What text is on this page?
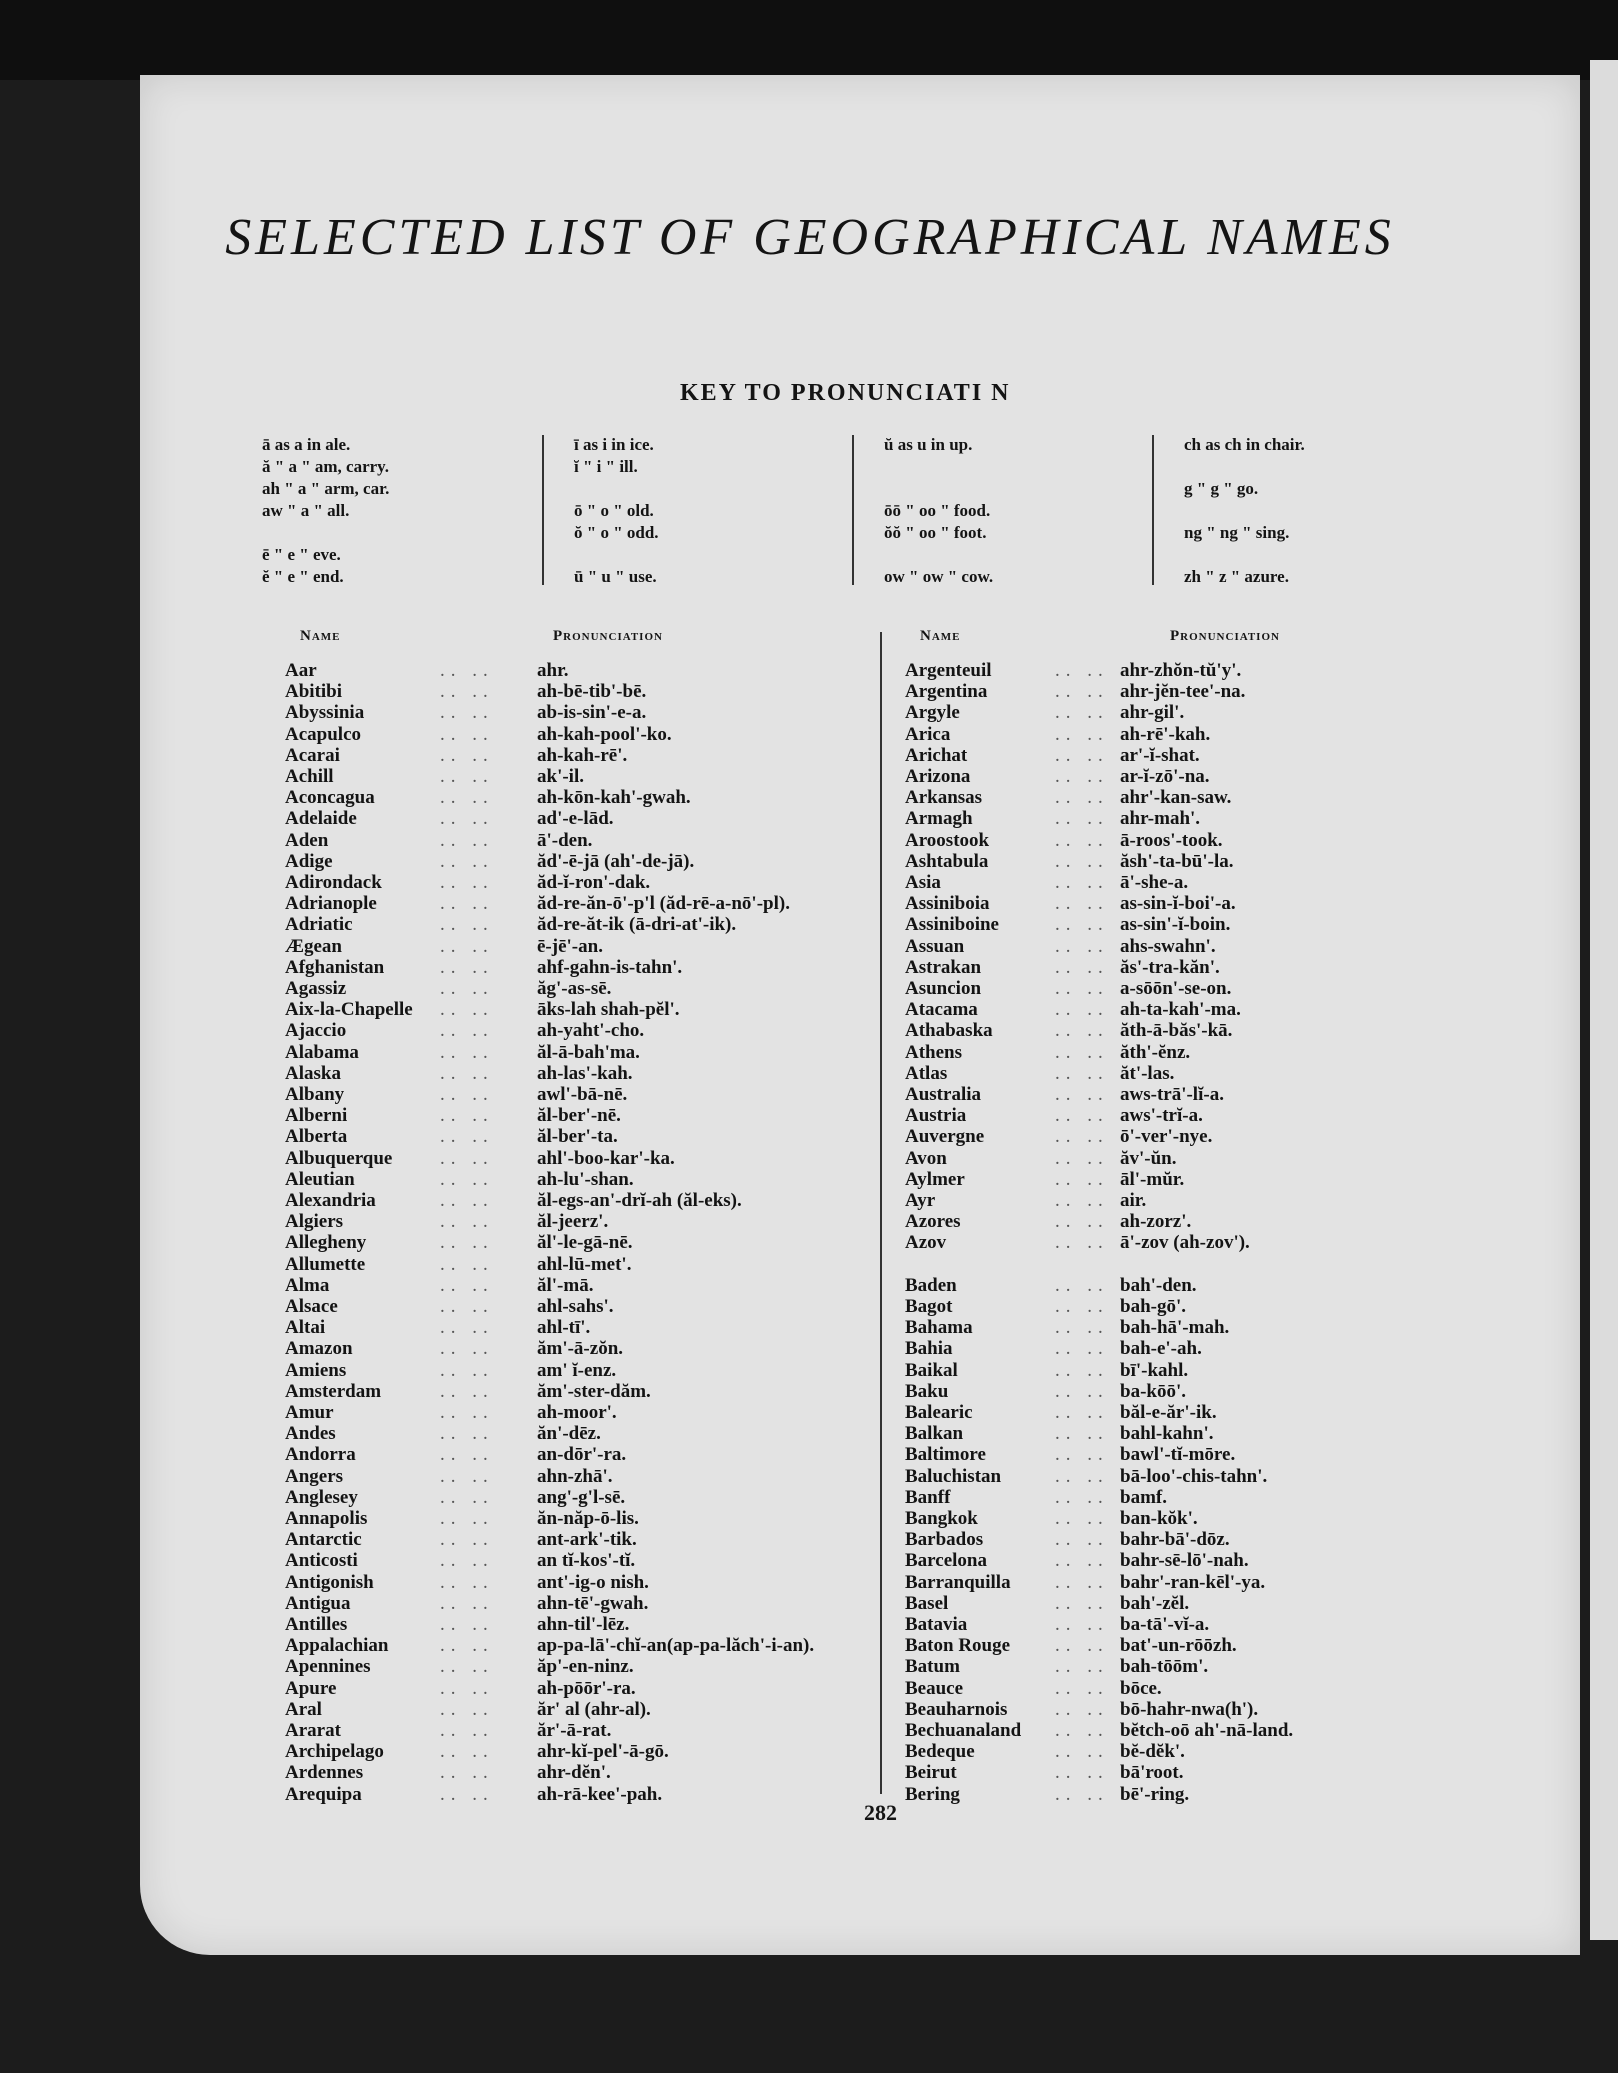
SELECTED LIST OF GEOGRAPHICAL NAMES
KEY TO PRONUNCIATI N
ā as a in ale.
ă " a " am, carry.
ah " a " arm, car.
aw " a " all.
ē " e " eve.
ĕ " e " end.
ī as i in ice.
ĭ " i " ill.
ō " o " old.
ŏ " o " odd.
ū " u " use.
ŭ as u in up.
ōō " oo " food.
ŏŏ " oo " foot.
ow " ow " cow.
ch as ch in chair.
g " g " go.
ng " ng " sing.
zh " z " azure.
Name	Pronunciation	Name	Pronunciation
Aar	.. .. ahr.
Abitibi	.. .. ah-bē-tib'-bē.
Abyssinia	.. .. ab-is-sin'-e-a.
Acapulco	.. .. ah-kah-pool'-ko.
Acarai	.. .. ah-kah-rē'.
Achill	.. .. ak'-il.
Aconcagua	.. .. ah-kōn-kah'-gwah.
Adelaide	.. .. ad'-e-lād.
Aden	.. .. ā'-den.
Adige	.. .. ăd'-ē-jā (ah'-de-jā).
Adirondack	.. .. ăd-ĭ-ron'-dak.
Adrianople	.. .. ăd-re-ăn-ō'-p'l (ăd-rē-a-nō'-pl).
Adriatic	.. .. ăd-re-ăt-ik (ā-dri-at'-ik).
Ægean	.. .. ē-jē'-an.
Afghanistan	.. .. ahf-gahn-is-tahn'.
Agassiz	.. .. ăg'-as-sē.
Aix-la-Chapelle .. .. āks-lah shah-pĕl'.
Ajaccio	.. .. ah-yaht'-cho.
Alabama	.. .. ăl-ā-bah'ma.
Alaska	.. .. ah-las'-kah.
Albany	.. .. awl'-bā-nē.
Alberni	.. .. ăl-ber'-nē.
Alberta	.. .. ăl-ber'-ta.
Albuquerque	.. .. ahl'-boo-kar'-ka.
Aleutian	.. .. ah-lu'-shan.
Alexandria	.. .. ăl-egs-an'-drĭ-ah (ăl-eks).
Algiers	.. .. ăl-jeerz'.
Allegheny	.. .. ăl'-le-gā-nē.
Allumette	.. .. ahl-lū-met'.
Alma	.. .. ăl'-mā.
Alsace	.. .. ahl-sahs'.
Altai	.. .. ahl-tī'.
Amazon	.. .. ăm'-ā-zŏn.
Amiens	.. .. am' ĭ-enz.
Amsterdam	.. .. ăm'-ster-dăm.
Amur	.. .. ah-moor'.
Andes	.. .. ăn'-dēz.
Andorra	.. .. an-dōr'-ra.
Angers	.. .. ahn-zhā'.
Anglesey	.. .. ang'-g'l-sē.
Annapolis	.. .. ăn-năp-ō-lis.
Antarctic	.. .. ant-ark'-tik.
Anticosti	.. .. an tĭ-kos'-tĭ.
Antigonish	.. .. ant'-ig-o nish.
Antigua	.. .. ahn-tē'-gwah.
Antilles	.. .. ahn-til'-lēz.
Appalachian	.. .. ap-pa-lā'-chĭ-an(ap-pa-lăch'-i-an).
Apennines	.. .. ăp'-en-ninz.
Apure	.. .. ah-pōōr'-ra.
Aral	.. .. ăr' al (ahr-al).
Ararat	.. .. ăr'-ā-rat.
Archipelago	.. .. ahr-kĭ-pel'-ā-gō.
Ardennes	.. .. ahr-dĕn'.
Arequipa	.. .. ah-rā-kee'-pah.
Argenteuil	.. .. ahr-zhŏn-tŭ'y'.
Argentina	.. .. ahr-jĕn-tee'-na.
Argyle	.. .. ahr-gil'.
Arica	.. .. ah-rē'-kah.
Arichat	.. .. ar'-ĭ-shat.
Arizona	.. .. ar-ĭ-zō'-na.
Arkansas	.. .. ahr'-kan-saw.
Armagh	.. .. ahr-mah'.
Aroostook	.. .. ā-roos'-took.
Ashtabula	.. .. ăsh'-ta-bū'-la.
Asia	.. .. ā'-she-a.
Assiniboia	.. .. as-sin-ĭ-boi'-a.
Assiniboine	.. .. as-sin'-ĭ-boin.
Assuan	.. .. ahs-swahn'.
Astrakan	.. .. ăs'-tra-kăn'.
Asuncion	.. .. a-sōōn'-se-on.
Atacama	.. .. ah-ta-kah'-ma.
Athabaska	.. .. ăth-ā-băs'-kā.
Athens	.. .. ăth'-ĕnz.
Atlas	.. .. ăt'-las.
Australia	.. .. aws-trā'-lĭ-a.
Austria	.. .. aws'-trĭ-a.
Auvergne	.. .. ō'-ver'-nye.
Avon	.. .. ăv'-ŭn.
Aylmer	.. .. āl'-mŭr.
Ayr	.. .. air.
Azores	.. .. ah-zorz'.
Azov	.. .. ā'-zov (ah-zov').
Baden	.. .. bah'-den.
Bagot	.. .. bah-gō'.
Bahama	.. .. bah-hā'-mah.
Bahia	.. .. bah-e'-ah.
Baikal	.. .. bī'-kahl.
Baku	.. .. ba-kōō'.
Balearic	.. .. băl-e-ăr'-ik.
Balkan	.. .. bahl-kahn'.
Baltimore	.. .. bawl'-tĭ-mōre.
Baluchistan	.. .. bā-loo'-chis-tahn'.
Banff	.. .. bamf.
Bangkok	.. .. ban-kŏk'.
Barbados	.. .. bahr-bā'-dōz.
Barcelona	.. .. bahr-sē-lō'-nah.
Barranquilla .. .. bahr'-ran-kēl'-ya.
Basel	.. .. bah'-zĕl.
Batavia	.. .. ba-tā'-vĭ-a.
Baton Rouge .. .. bat'-un-rōōzh.
Batum	.. .. bah-tōōm'.
Beauce	.. .. bōce.
Beauharnois	.. .. bō-hahr-nwa(h').
Bechuanaland .. .. bĕtch-oō ah'-nā-land.
Bedeque	.. .. bĕ-dĕk'.
Beirut	.. .. bā'root.
Bering	.. .. bē'-ring.
282
